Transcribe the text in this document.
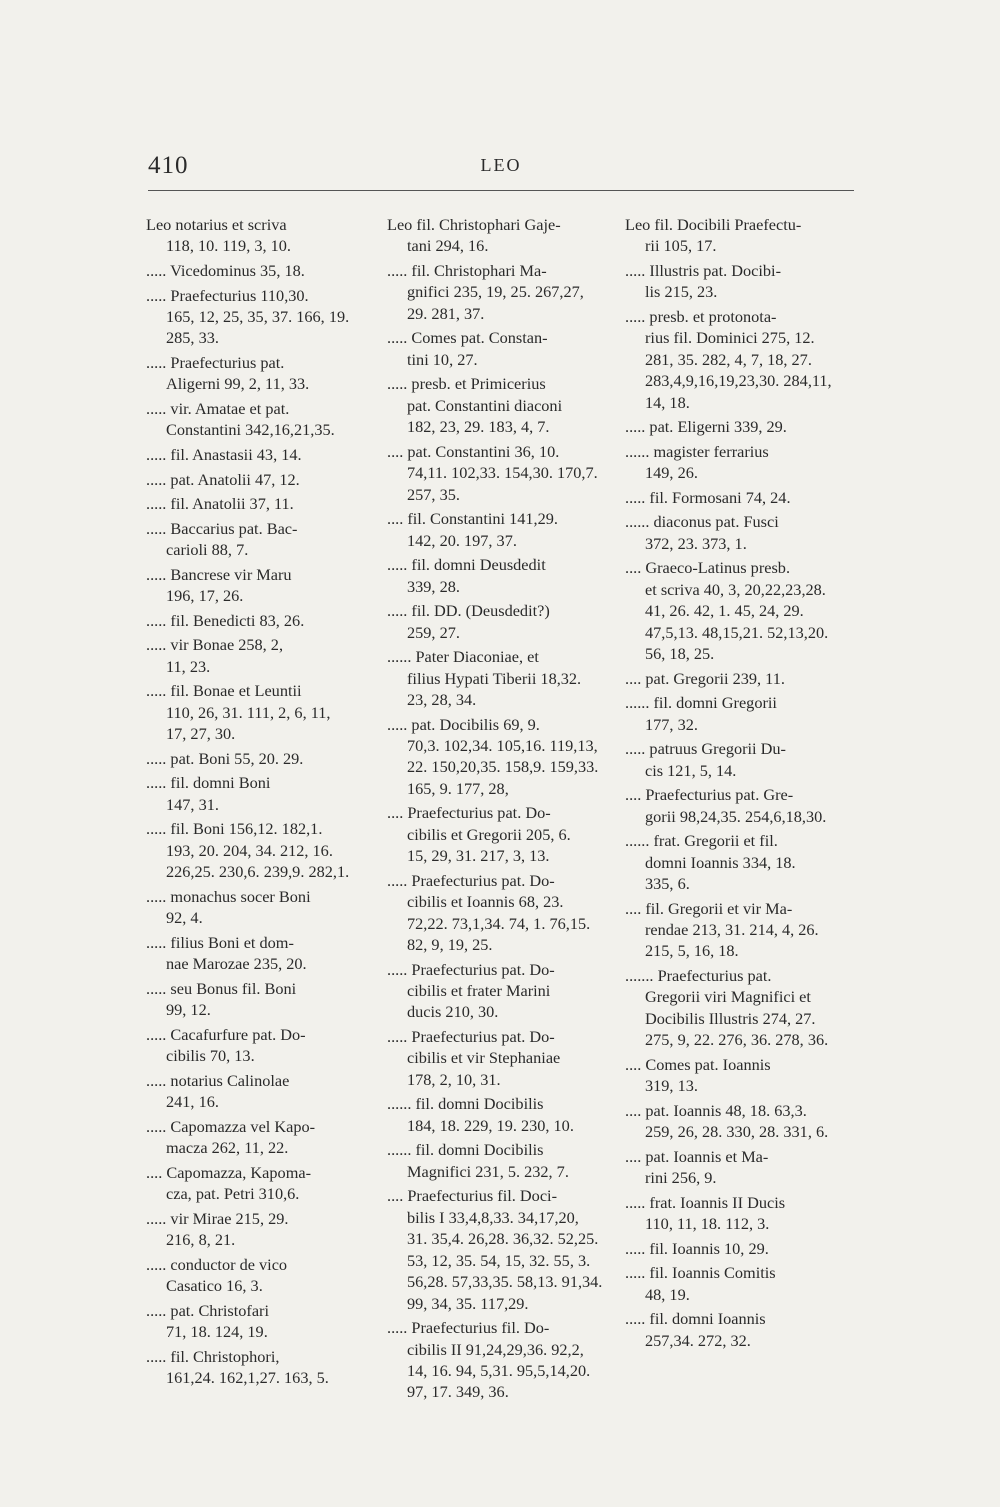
410	LEO
Leo notarius et scriva
118, 10. 119, 3, 10.
..... Vicedominus 35, 18.
..... Praefecturius 110,30.
165, 12, 25, 35, 37. 166, 19.
285, 33.
..... Praefecturius pat.
Aligerni 99, 2, 11, 33.
..... vir. Amatae et pat.
Constantini 342,16,21,35.
..... fil. Anastasii 43, 14.
..... pat. Anatolii 47, 12.
..... fil. Anatolii 37, 11.
..... Baccarius pat. Bac-
carioli 88, 7.
..... Bancrese vir Maru
196, 17, 26.
..... fil. Benedicti 83, 26.
..... vir Bonae 258, 2,
11, 23.
..... fil. Bonae et Leuntii
110, 26, 31. 111, 2, 6, 11,
17, 27, 30.
..... pat. Boni 55, 20. 29.
..... fil. domni Boni
147, 31.
..... fil. Boni 156,12. 182,1.
193, 20. 204, 34. 212, 16.
226,25. 230,6. 239,9. 282,1.
..... monachus socer Boni
92, 4.
..... filius Boni et dom-
nae Marozae 235, 20.
..... seu Bonus fil. Boni
99, 12.
..... Cacafurfure pat. Do-
cibilis 70, 13.
..... notarius Calinolae
241, 16.
..... Capomazza vel Kapo-
macza 262, 11, 22.
.... Capomazza, Kapoma-
cza, pat. Petri 310,6.
..... vir Mirae 215, 29.
216, 8, 21.
..... conductor de vico
Casatico 16, 3.
..... pat. Christofari
71, 18. 124, 19.
..... fil. Christophori,
161,24. 162,1,27. 163, 5.
Leo fil. Christophari Gaje-
tani 294, 16.
..... fil. Christophari Ma-
gnifici 235, 19, 25. 267,27,
29. 281, 37.
..... Comes pat. Constan-
tini 10, 27.
..... presb. et Primicerius
pat. Constantini diaconi
182, 23, 29. 183, 4, 7.
.... pat. Constantini 36, 10.
74,11. 102,33. 154,30. 170,7.
257, 35.
.... fil. Constantini 141,29.
142, 20. 197, 37.
..... fil. domni Deusdedit
339, 28.
..... fil. DD. (Deusdedit?)
259, 27.
...... Pater Diaconiae, et
filius Hypati Tiberii 18,32.
23, 28, 34.
..... pat. Docibilis 69, 9.
70,3. 102,34. 105,16. 119,13,
22. 150,20,35. 158,9. 159,33.
165, 9. 177, 28,
.... Praefecturius pat. Do-
cibilis et Gregorii 205, 6.
15, 29, 31. 217, 3, 13.
..... Praefecturius pat. Do-
cibilis et Ioannis 68, 23.
72,22. 73,1,34. 74, 1. 76,15.
82, 9, 19, 25.
..... Praefecturius pat. Do-
cibilis et frater Marini
ducis 210, 30.
..... Praefecturius pat. Do-
cibilis et vir Stephaniae
178, 2, 10, 31.
...... fil. domni Docibilis
184, 18. 229, 19. 230, 10.
...... fil. domni Docibilis
Magnifici 231, 5. 232, 7.
.... Praefecturius fil. Doci-
bilis I 33,4,8,33. 34,17,20,
31. 35,4. 26,28. 36,32. 52,25.
53, 12, 35. 54, 15, 32. 55, 3.
56,28. 57,33,35. 58,13. 91,34.
99, 34, 35. 117,29.
..... Praefecturius fil. Do-
cibilis II 91,24,29,36. 92,2,
14, 16. 94, 5,31. 95,5,14,20.
97, 17. 349, 36.
Leo fil. Docibili Praefectu-
rii 105, 17.
..... Illustris pat. Docibi-
lis 215, 23.
..... presb. et protonota-
rius fil. Dominici 275, 12.
281, 35. 282, 4, 7, 18, 27.
283,4,9,16,19,23,30. 284,11,
14, 18.
..... pat. Eligerni 339, 29.
...... magister ferrarius
149, 26.
..... fil. Formosani 74, 24.
...... diaconus pat. Fusci
372, 23. 373, 1.
.... Graeco-Latinus presb.
et scriva 40, 3, 20,22,23,28.
41, 26. 42, 1. 45, 24, 29.
47,5,13. 48,15,21. 52,13,20.
56, 18, 25.
.... pat. Gregorii 239, 11.
...... fil. domni Gregorii
177, 32.
..... patruus Gregorii Du-
cis 121, 5, 14.
.... Praefecturius pat. Gre-
gorii 98,24,35. 254,6,18,30.
...... frat. Gregorii et fil.
domni Ioannis 334, 18.
335, 6.
.... fil. Gregorii et vir Ma-
rendae 213, 31. 214, 4, 26.
215, 5, 16, 18.
....... Praefecturius pat.
Gregorii viri Magnifici et
Docibilis Illustris 274, 27.
275, 9, 22. 276, 36. 278, 36.
.... Comes pat. Ioannis
319, 13.
.... pat. Ioannis 48, 18. 63,3.
259, 26, 28. 330, 28. 331, 6.
.... pat. Ioannis et Ma-
rini 256, 9.
..... frat. Ioannis II Ducis
110, 11, 18. 112, 3.
..... fil. Ioannis 10, 29.
..... fil. Ioannis Comitis
48, 19.
..... fil. domni Ioannis
257,34. 272, 32.
